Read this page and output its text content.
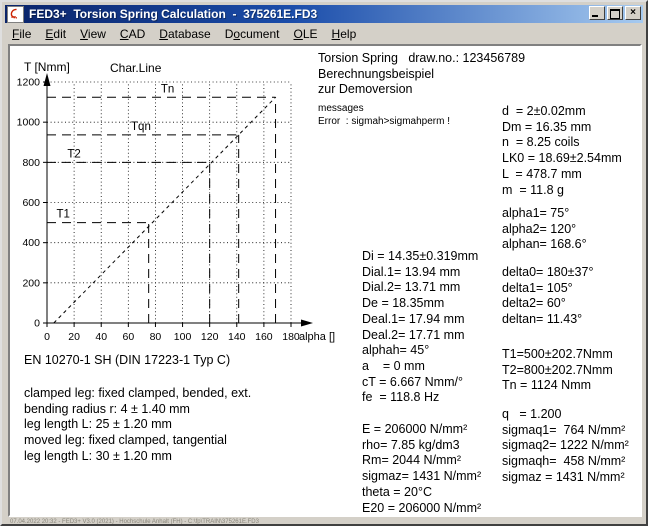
FED3+  Torsion Spring Calculation  -  375261E.FD3	×
File	Edit	View	CAD	Database	Document	OLE	Help
T1
T2
Tqn
Tn
0 20 40 60 80 100 120 140 160 180
0
200
400
600
800
1000
1200
Char.Line
T [Nmm]
alpha []
Torsion Spring   draw.no.: 123456789
Berechnungsbeispiel
zur Demoversion
messages
Error  : sigmah>sigmahperm !
d  = 2±0.02mm
Dm = 16.35 mm
n  = 8.25 coils
LK0 = 18.69±2.54mm
L  = 478.7 mm
m  = 11.8 g
alpha1= 75°
alpha2= 120°
alphan= 168.6°
delta0= 180±37°
delta1= 105°
delta2= 60°
deltan= 11.43°
T1=500±202.7Nmm
T2=800±202.7Nmm
Tn = 1124 Nmm
q   = 1.200
sigmaq1=  764 N/mm²
sigmaq2= 1222 N/mm²
sigmaqh=  458 N/mm²
sigmaz = 1431 N/mm²
Di = 14.35±0.319mm
Dial.1= 13.94 mm
Dial.2= 13.71 mm
De = 18.35mm
Deal.1= 17.94 mm
Deal.2= 17.71 mm
alphah= 45°
a    = 0 mm
cT = 6.667 Nmm/°
fe  = 118.8 Hz
E = 206000 N/mm²
rho= 7.85 kg/dm3
Rm= 2044 N/mm²
sigmaz= 1431 N/mm²
theta = 20°C
E20 = 206000 N/mm²
EN 10270-1 SH (DIN 17223-1 Typ C)
clamped leg: fixed clamped, bended, ext.
bending radius r: 4 ± 1.40 mm
leg length L: 25 ± 1.20 mm
moved leg: fixed clamped, tangential
leg length L: 30 ± 1.20 mm
07.04.2022 20:32 - FED3+ V3.0 (2021) - Hochschule Anhalt (FH) - C:\fp\TRAIN\375261E.FD3
